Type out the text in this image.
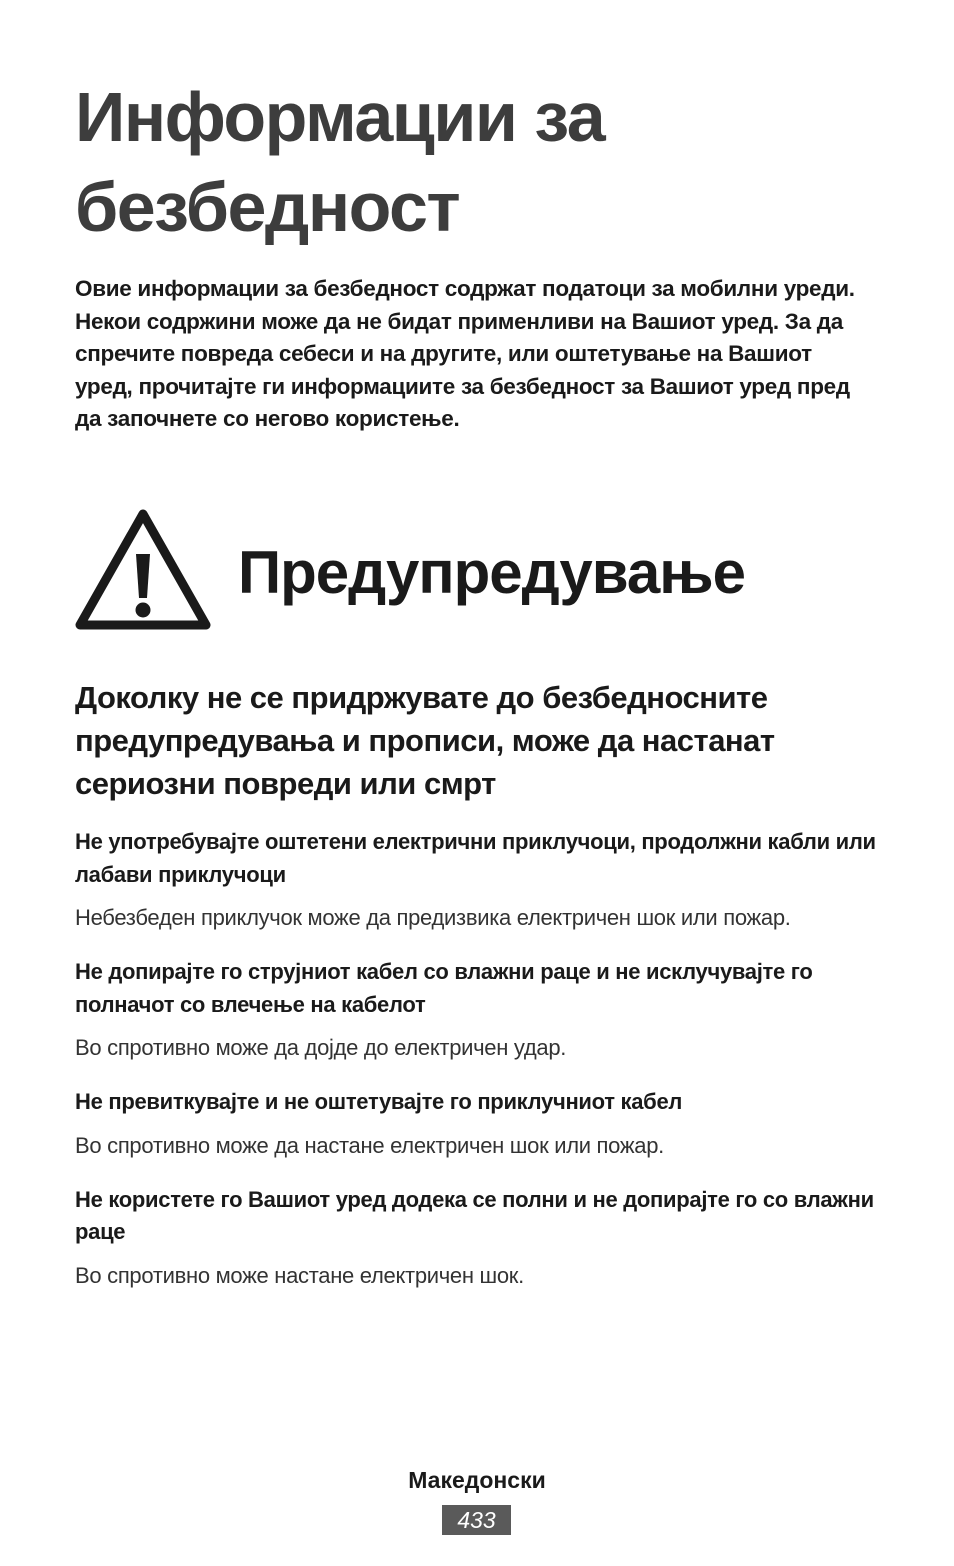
Информации за безбедност

Овие информации за безбедност содржат податоци за мобилни уреди. Некои содржини може да не бидат применливи на Вашиот уред. За да спречите повреда себеси и на другите, или оштетување на Вашиот уред, прочитајте ги информациите за безбедност за Вашиот уред пред да започнете со негово користење.

Предупредување
Доколку не се придржувате до безбедносните предупредувања и прописи, може да настанат сериозни повреди или смрт

Не употребувајте оштетени електрични приклучоци, продолжни кабли или лабави приклучоци

Небезбеден приклучок може да предизвика електричен шок или пожар.

Не допирајте го струјниот кабел со влажни раце и не исклучувајте го полначот со влечење на кабелот

Во спротивно може да дојде до електричен удар.

Не превиткувајте и не оштетувајте го приклучниот кабел

Во спротивно може да настане електричен шок или пожар.

Не користете го Вашиот уред додека се полни и не допирајте го со влажни раце

Во спротивно може настане електричен шок.

Македонски

433
